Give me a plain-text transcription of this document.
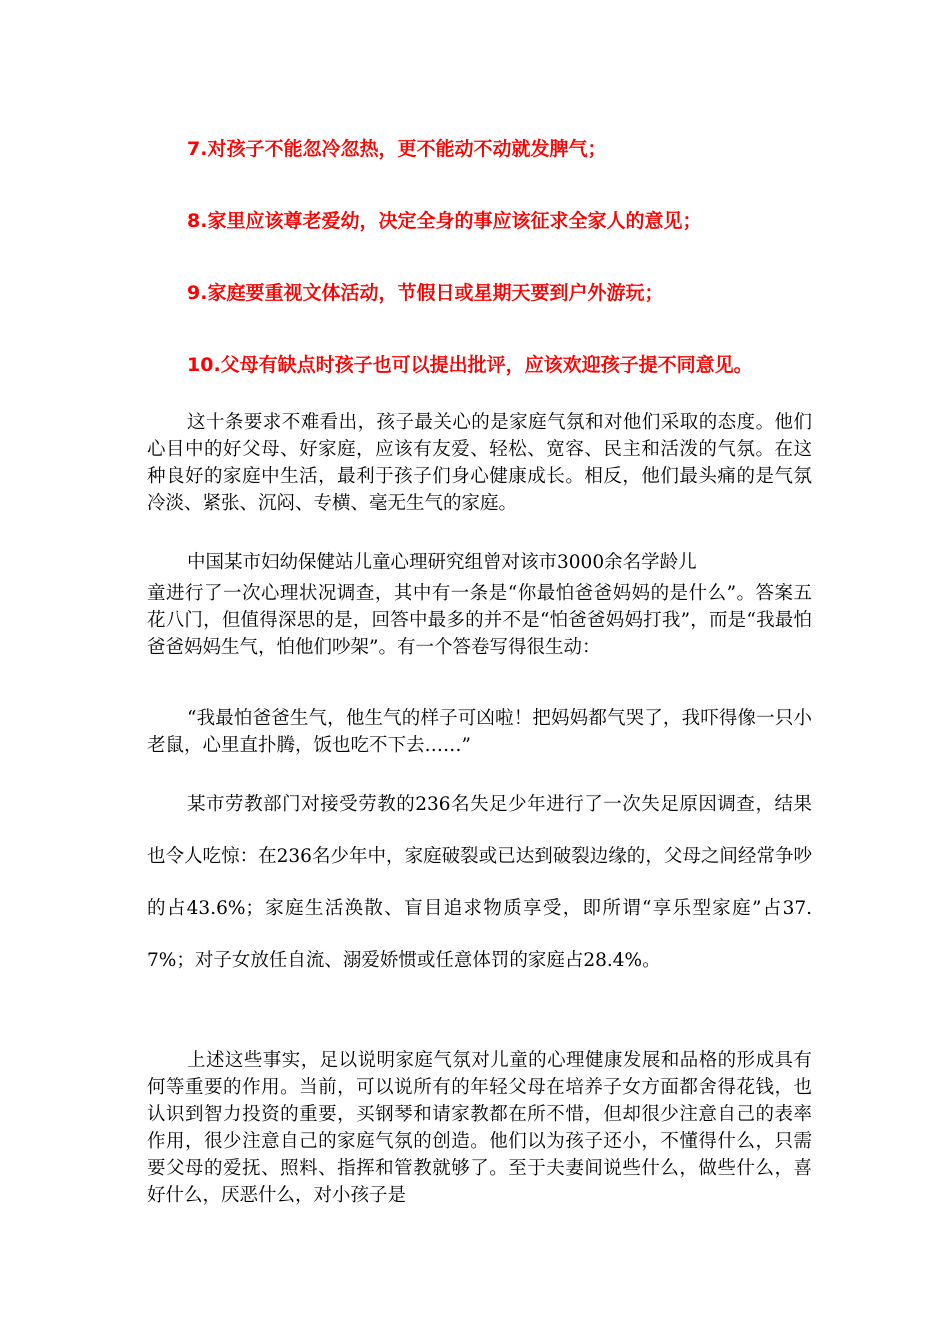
7.对孩子不能忽冷忽热，更不能动不动就发脾气；
8.家里应该尊老爱幼，决定全身的事应该征求全家人的意见；
9.家庭要重视文体活动，节假日或星期天要到户外游玩；
10.父母有缺点时孩子也可以提出批评，应该欢迎孩子提不同意见。
这十条要求不难看出，孩子最关心的是家庭气氛和对他们采取的态度。他们心目中的好父母、好家庭，应该有友爱、轻松、宽容、民主和活泼的气氛。在这种良好的家庭中生活，最利于孩子们身心健康成长。相反，他们最头痛的是气氛冷淡、紧张、沉闷、专横、毫无生气的家庭。
中国某市妇幼保健站儿童心理研究组曾对该市3000余名学龄儿
童进行了一次心理状况调查，其中有一条是“你最怕爸爸妈妈的是什么”。答案五花八门，但值得深思的是，回答中最多的并不是“怕爸爸妈妈打我”，而是“我最怕爸爸妈妈生气，怕他们吵架”。有一个答卷写得很生动：
“我最怕爸爸生气，他生气的样子可凶啦！把妈妈都气哭了，我吓得像一只小老鼠，心里直扑腾，饭也吃不下去……”
某市劳教部门对接受劳教的236名失足少年进行了一次失足原因调查，结果也令人吃惊：在236名少年中，家庭破裂或已达到破裂边缘的，父母之间经常争吵的占43.6%；家庭生活涣散、盲目追求物质享受，即所谓“享乐型家庭”占37.7%；对子女放任自流、溺爱娇惯或任意体罚的家庭占28.4%。
上述这些事实，足以说明家庭气氛对儿童的心理健康发展和品格的形成具有何等重要的作用。当前，可以说所有的年轻父母在培养子女方面都舍得花钱，也认识到智力投资的重要，买钢琴和请家教都在所不惜，但却很少注意自己的表率作用，很少注意自己的家庭气氛的创造。他们以为孩子还小，不懂得什么，只需要父母的爱抚、照料、指挥和管教就够了。至于夫妻间说些什么，做些什么，喜好什么，厌恶什么，对小孩子是
